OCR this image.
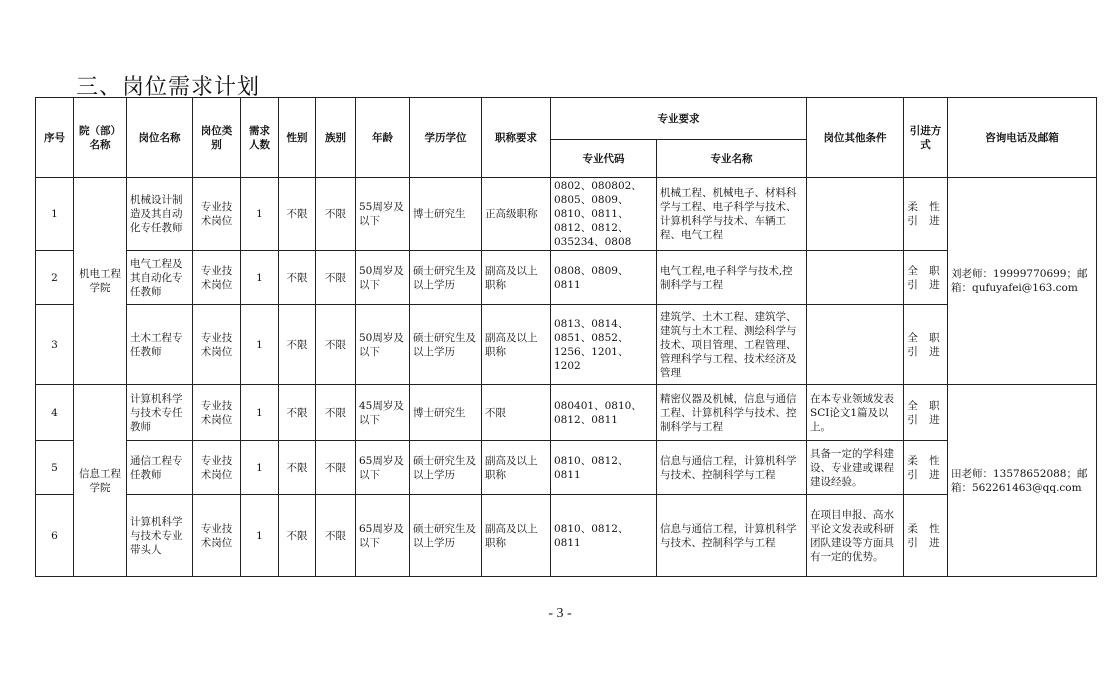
三、岗位需求计划
序号	院（部）名称	岗位名称	岗位类别	需求人数	性别	族别	年龄	学历学位	职称要求	专业要求		岗位其他条件	引进方式	咨询电话及邮箱
										专业代码	专业名称			
1	机电工程学院	机械设计制造及其自动化专任教师	专业技术岗位	1	不限	不限	55周岁及以下	博士研究生	正高级职称	0802、080802、0805、0809、0810、0811、0812、0812、035234、0808	机械工程、机械电子、材料科学与工程、电子科学与技术、计算机科学与技术、车辆工程、电气工程		柔 性 引 进	刘老师：19999770699；邮箱：qufuyafei@163.com
2		电气工程及其自动化专任教师	专业技术岗位	1	不限	不限	50周岁及以下	硕士研究生及以上学历	副高及以上职称	0808、0809、0811	电气工程,电子科学与技术,控制科学与工程		全 职 引 进	
3		土木工程专任教师	专业技术岗位	1	不限	不限	50周岁及以下	硕士研究生及以上学历	副高及以上职称	0813、0814、0851、0852、1256、1201、1202	建筑学、土木工程、建筑学、建筑与土木工程、测绘科学与技术、项目管理、工程管理、管理科学与工程、技术经济及管理		全 职 引 进	
4	信息工程学院	计算机科学与技术专任教师	专业技术岗位	1	不限	不限	45周岁及以下	博士研究生	不限	080401、0810、0812、0811	精密仪器及机械，信息与通信工程、计算机科学与技术、控制科学与工程	在本专业领域发表SCI论文1篇及以上。	全 职 引 进	田老师：13578652088；邮箱：562261463@qq.com
5		通信工程专任教师	专业技术岗位	1	不限	不限	65周岁及以下	硕士研究生及以上学历	副高及以上职称	0810、0812、0811	信息与通信工程，计算机科学与技术、控制科学与工程	具备一定的学科建设、专业建或课程建设经验。	柔 性 引 进	
6		计算机科学与技术专业带头人	专业技术岗位	1	不限	不限	65周岁及以下	硕士研究生及以上学历	副高及以上职称	0810、0812、0811	信息与通信工程，计算机科学与技术、控制科学与工程	在项目申报、高水平论文发表或科研团队建设等方面具有一定的优势。	柔 性 引 进	
- 3 -
